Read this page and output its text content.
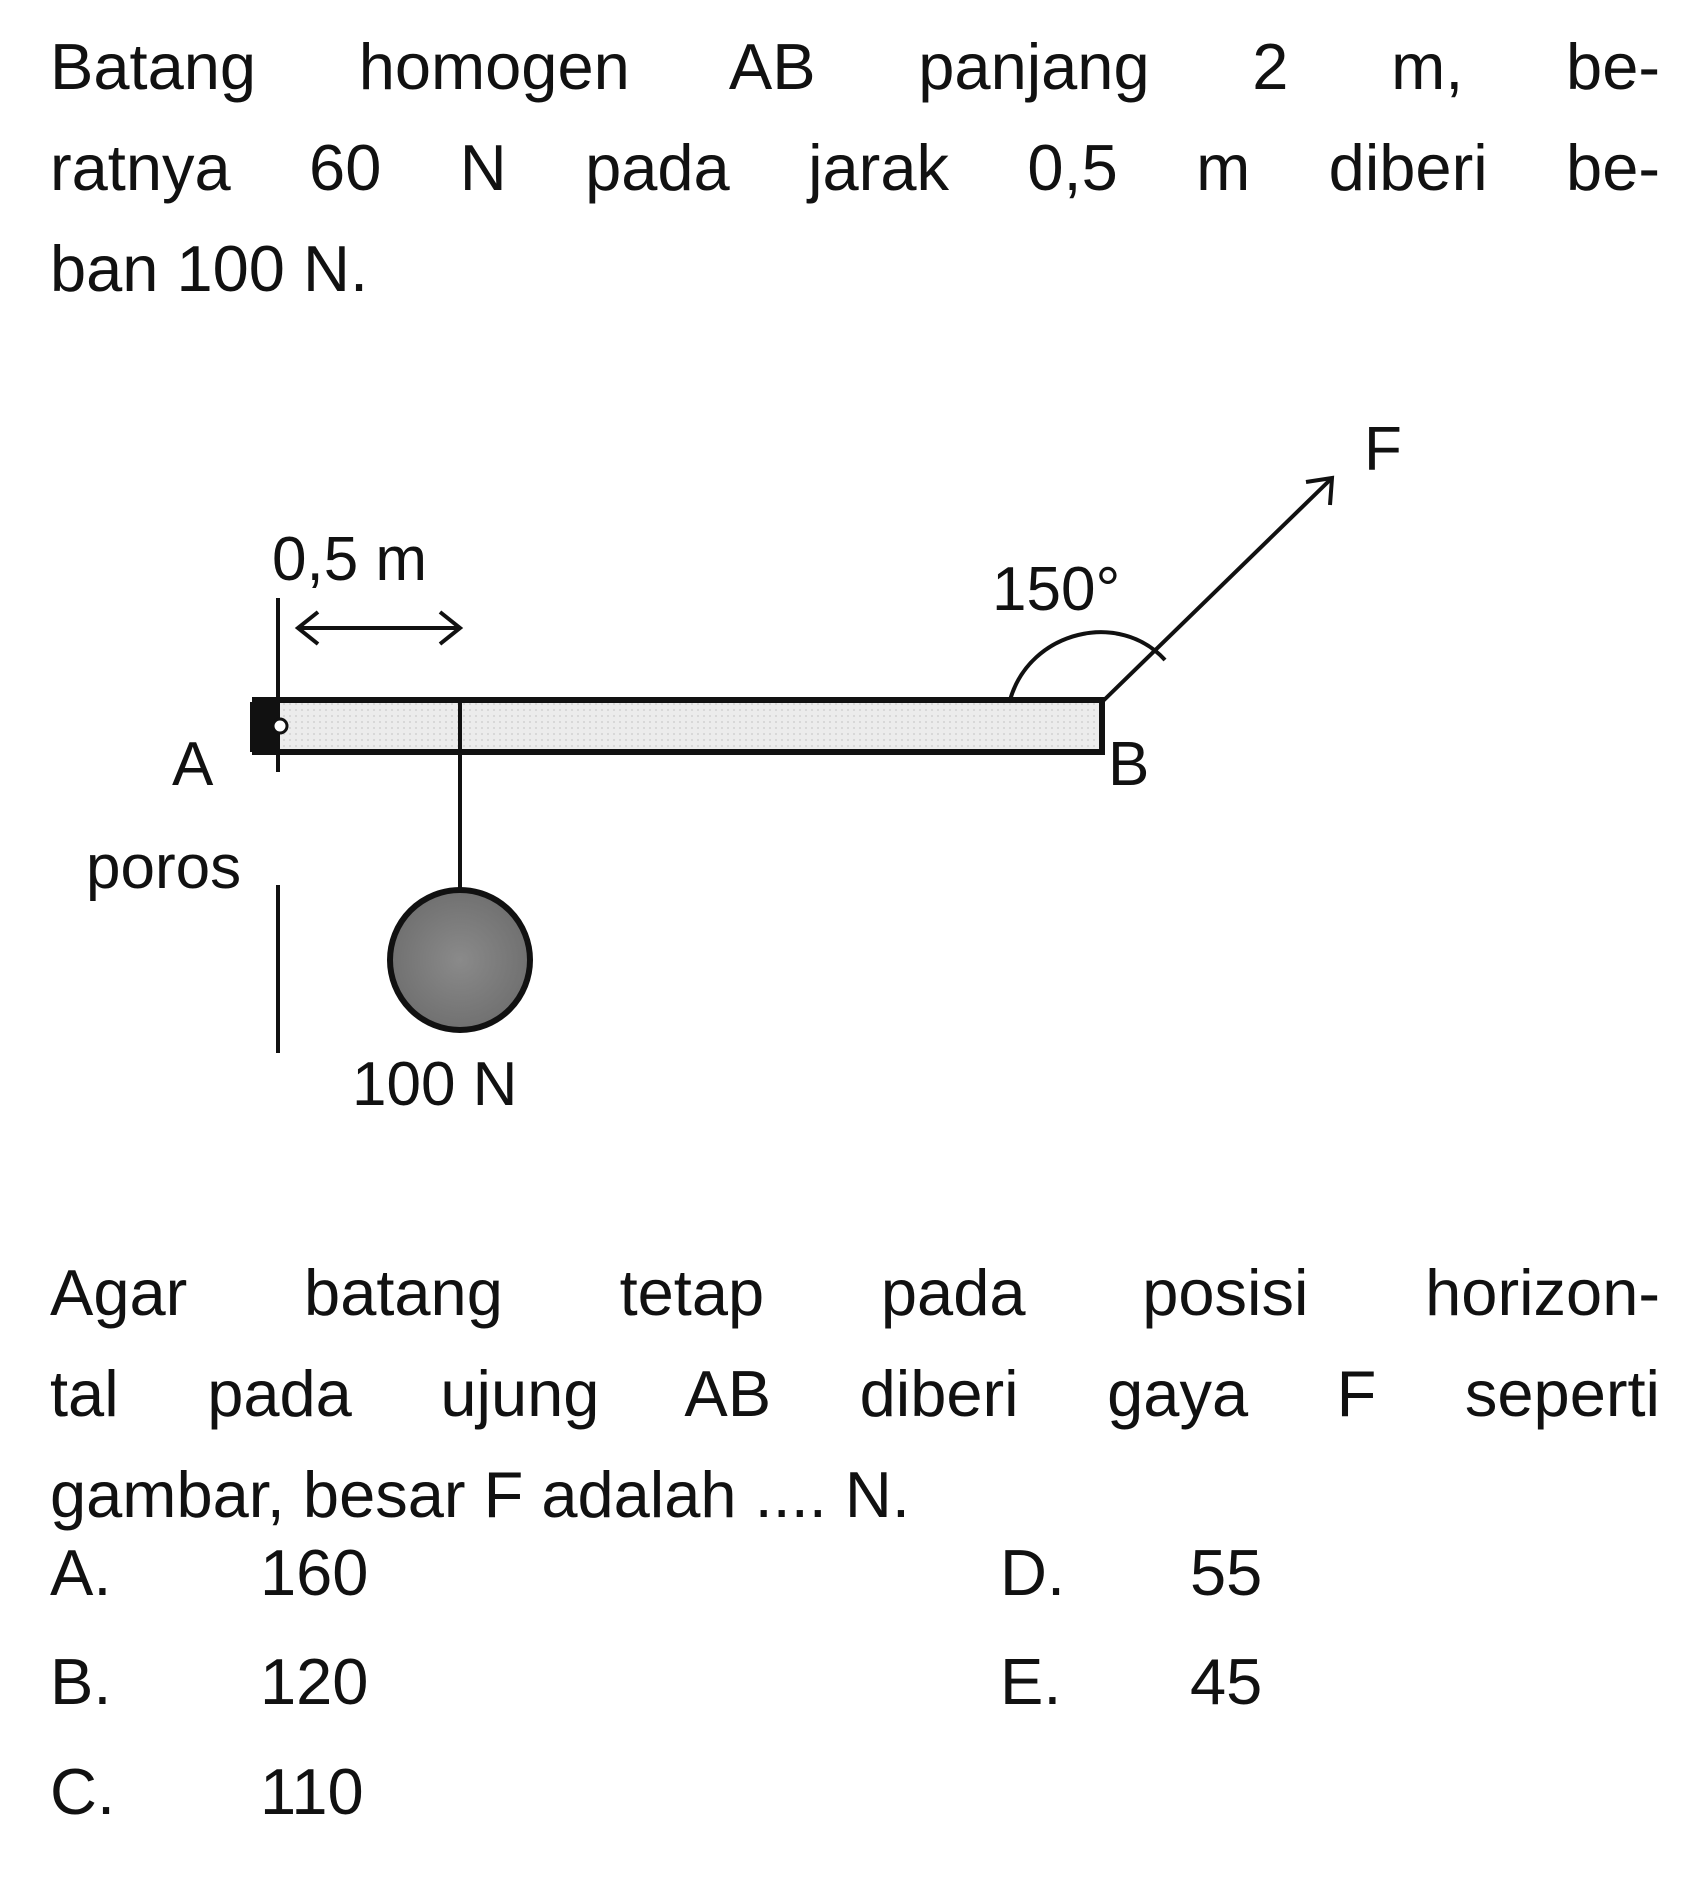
Batang homogen AB panjang 2 m, be-
ratnya 60 N pada jarak 0,5 m diberi be-
ban 100 N.
0,5 m
100 N
A	B
poros
F
150°
Agar batang tetap pada posisi horizon-
tal pada ujung AB diberi gaya F seperti
gambar, besar F adalah .... N.
A. 160
B. 120
C. 110
D. 55
E. 45
